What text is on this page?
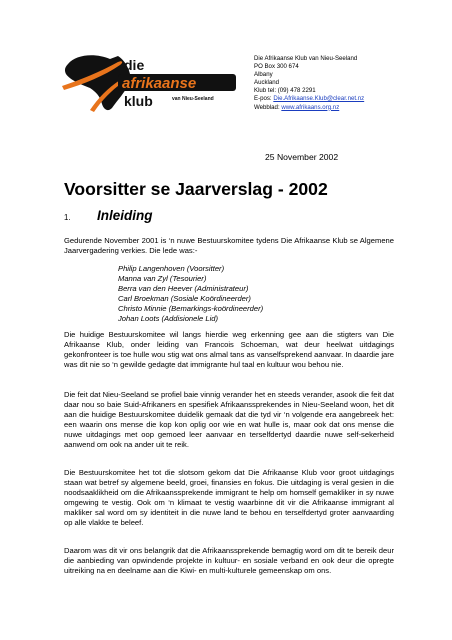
die
afrikaanse
klub	van Nieu-Seeland
Die Afrikaanse Klub van Nieu-Seeland
PO Box 300 674
Albany
Auckland
Klub tel: (09) 478 2291
E-pos: Die.Afrikaanse.Klub@clear.net.nz
Webblad: www.afrikaans.org.nz
25 November 2002
Voorsitter se Jaarverslag - 2002
1. Inleiding

Gedurende November 2001 is ‘n nuwe Bestuurskomitee tydens Die Afrikaanse Klub se Algemene Jaarvergadering verkies. Die lede was:-

Philip Langenhoven (Voorsitter)
Manna van Zyl (Tesourier)
Berra van den Heever (Administrateur)
Carl Broekman (Sosiale Koördineerder)
Christo Minnie (Bemarkings-koördineerder)
Johan Loots (Addisionele Lid)

Die huidige Bestuurskomitee wil langs hierdie weg erkenning gee aan die stigters van Die Afrikaanse Klub, onder leiding van Francois Schoeman, wat deur heelwat uitdagings gekonfronteer is toe hulle wou stig wat ons almal tans as vanselfsprekend aanvaar. In daardie jare was dit nie so ‘n gewilde gedagte dat immigrante hul taal en kultuur wou behou nie.

Die feit dat Nieu-Seeland se profiel baie vinnig verander het en steeds verander, asook die feit dat daar nou so baie Suid-Afrikaners en spesifiek Afrikaanssprekendes in Nieu-Seeland woon, het dit aan die huidige Bestuurskomitee duidelik gemaak dat die tyd vir ‘n volgende era aangebreek het: een waarin ons mense die kop kon oplig oor wie en wat hulle is, maar ook dat ons mense die nuwe uitdagings met oop gemoed leer aanvaar en terselfdertyd daardie nuwe self-sekerheid aanwend om ook na ander uit te reik.

Die Bestuurskomitee het tot die slotsom gekom dat Die Afrikaanse Klub voor groot uitdagings staan wat betref sy algemene beeld, groei, finansies en fokus. Die uitdaging is veral gesien in die noodsaaklikheid om die Afrikaanssprekende immigrant te help om homself gemakliker in sy nuwe omgewing te vestig. Ook om ‘n klimaat te vestig waarbinne dit vir die Afrikaanse immigrant al makliker sal word om sy identiteit in die nuwe land te behou en terselfdertyd groter aanvaarding op alle vlakke te beleef.

Daarom was dit vir ons belangrik dat die Afrikaanssprekende bemagtig word om dit te bereik deur die aanbieding van opwindende projekte in kultuur- en sosiale verband en ook deur die opregte uitreiking na en deelname aan die Kiwi- en multi-kulturele gemeenskap om ons.
